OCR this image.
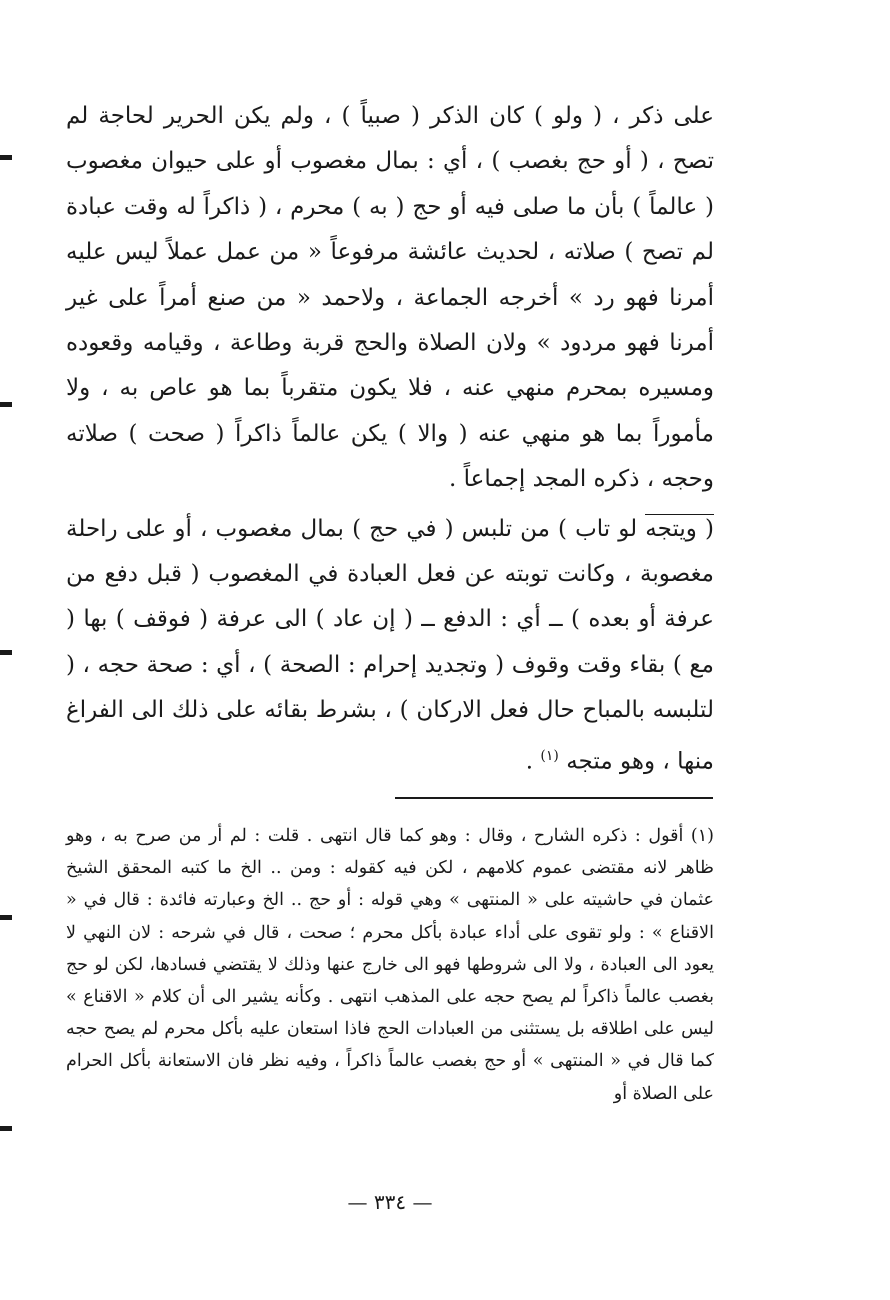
على ذكر ، ( ولو ) كان الذكر ( صبياً ) ، ولم يكن الحرير لحاجة لم تصح ، ( أو حج بغصب ) ، أي : بمال مغصوب أو على حيوان مغصوب ( عالماً ) بأن ما صلى فيه أو حج ( به ) محرم ، ( ذاكراً له وقت عبادة لم تصح ) صلاته ، لحديث عائشة مرفوعاً « من عمل عملاً ليس عليه أمرنا فهو رد » أخرجه الجماعة ، ولاحمد « من صنع أمراً على غير أمرنا فهو مردود » ولان الصلاة والحج قربة وطاعة ، وقيامه وقعوده ومسيره بمحرم منهي عنه ، فلا يكون متقرباً بما هو عاص به ، ولا مأموراً بما هو منهي عنه ( والا ) يكن عالماً ذاكراً ( صحت ) صلاته وحجه ، ذكره المجد إجماعاً .

( ويتجه لو تاب ) من تلبس ( في حج ) بمال مغصوب ، أو على راحلة مغصوبة ، وكانت توبته عن فعل العبادة في المغصوب ( قبل دفع من عرفة أو بعده ) ــ أي : الدفع ــ ( إن عاد ) الى عرفة ( فوقف ) بها ( مع ) بقاء وقت وقوف ( وتجديد إحرام : الصحة ) ، أي : صحة حجه ، ( لتلبسه بالمباح حال فعل الاركان ) ، بشرط بقائه على ذلك الى الفراغ منها ، وهو متجه $^{(١)}$ .

(١) أقول : ذكره الشارح ، وقال : وهو كما قال انتهى . قلت : لم أر من صرح به ، وهو ظاهر لانه مقتضى عموم كلامهم ، لكن فيه كقوله : ومن .. الخ ما كتبه المحقق الشيخ عثمان في حاشيته على « المنتهى » وهي قوله : أو حج .. الخ وعبارته فائدة : قال في « الاقناع » : ولو تقوى على أداء عبادة بأكل محرم ؛ صحت ، قال في شرحه : لان النهي لا يعود الى العبادة ، ولا الى شروطها فهو الى خارج عنها وذلك لا يقتضي فسادها، لكن لو حج بغصب عالماً ذاكراً لم يصح حجه على المذهب انتهى . وكأنه يشير الى أن كلام « الاقناع » ليس على اطلاقه بل يستثنى من العبادات الحج فاذا استعان عليه بأكل محرم لم يصح حجه كما قال في « المنتهى » أو حج بغصب عالماً ذاكراً ، وفيه نظر فان الاستعانة بأكل الحرام على الصلاة أو

— ٣٣٤ —
